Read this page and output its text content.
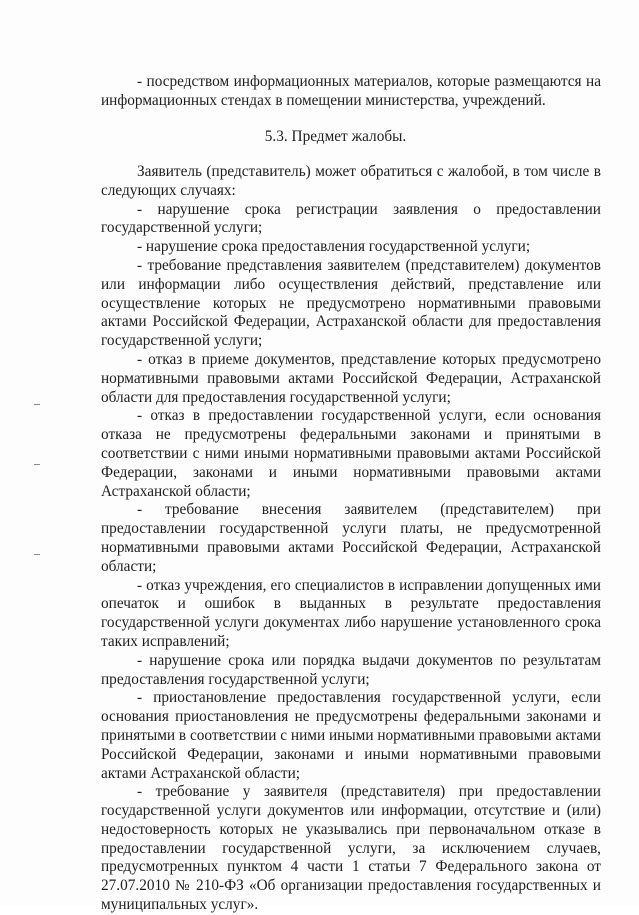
- посредством информационных материалов, которые размещаются на информационных стендах в помещении министерства, учреждений.

5.3. Предмет жалобы.

Заявитель (представитель) может обратиться с жалобой, в том числе в следующих случаях:

- нарушение срока регистрации заявления о предоставлении государственной услуги;

- нарушение срока предоставления государственной услуги;

- требование представления заявителем (представителем) документов или информации либо осуществления действий, представление или осуществление которых не предусмотрено нормативными правовыми актами Российской Федерации, Астраханской области для предоставления государственной услуги;

- отказ в приеме документов, представление которых предусмотрено нормативными правовыми актами Российской Федерации, Астраханской области для предоставления государственной услуги;

- отказ в предоставлении государственной услуги, если основания отказа не предусмотрены федеральными законами и принятыми в соответствии с ними иными нормативными правовыми актами Российской Федерации, законами и иными нормативными правовыми актами Астраханской области;

- требование внесения заявителем (представителем) при предоставлении государственной услуги платы, не предусмотренной нормативными правовыми актами Российской Федерации, Астраханской области;

- отказ учреждения, его специалистов в исправлении допущенных ими опечаток и ошибок в выданных в результате предоставления государственной услуги документах либо нарушение установленного срока таких исправлений;

- нарушение срока или порядка выдачи документов по результатам предоставления государственной услуги;

- приостановление предоставления государственной услуги, если основания приостановления не предусмотрены федеральными законами и принятыми в соответствии с ними иными нормативными правовыми актами Российской Федерации, законами и иными нормативными правовыми актами Астраханской области;

- требование у заявителя (представителя) при предоставлении государственной услуги документов или информации, отсутствие и (или) недостоверность которых не указывались при первоначальном отказе в предоставлении государственной услуги, за исключением случаев, предусмотренных пунктом 4 части 1 статьи 7 Федерального закона от 27.07.2010 № 210-ФЗ «Об организации предоставления государственных и муниципальных услуг».
